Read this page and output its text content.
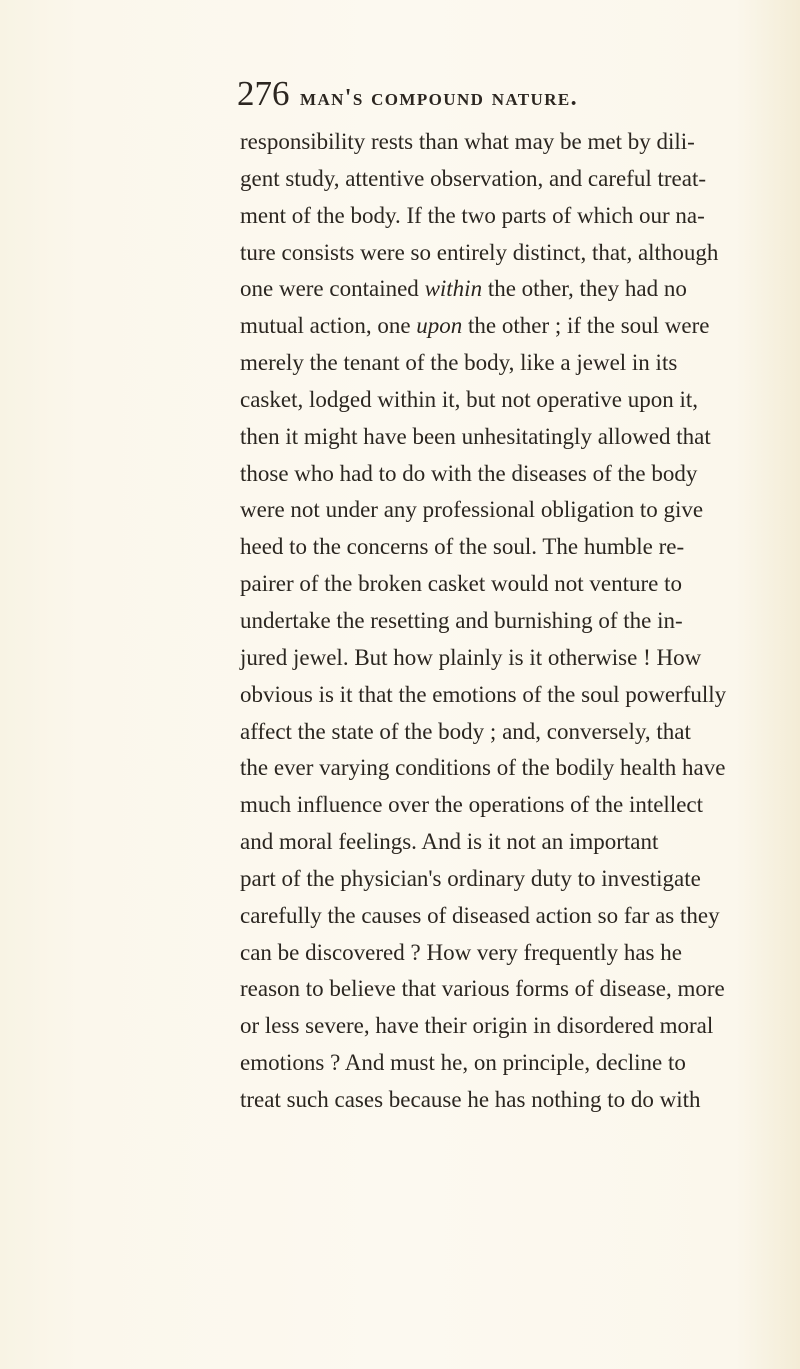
276 man's compound nature.
responsibility rests than what may be met by dili-
gent study, attentive observation, and careful treat-
ment of the body. If the two parts of which our na-
ture consists were so entirely distinct, that, although
one were contained within the other, they had no
mutual action, one upon the other ; if the soul were
merely the tenant of the body, like a jewel in its
casket, lodged within it, but not operative upon it,
then it might have been unhesitatingly allowed that
those who had to do with the diseases of the body
were not under any professional obligation to give
heed to the concerns of the soul. The humble re-
pairer of the broken casket would not venture to
undertake the resetting and burnishing of the in-
jured jewel. But how plainly is it otherwise ! How
obvious is it that the emotions of the soul powerfully
affect the state of the body ; and, conversely, that
the ever varying conditions of the bodily health have
much influence over the operations of the intellect
and moral feelings. And is it not an important
part of the physician's ordinary duty to investigate
carefully the causes of diseased action so far as they
can be discovered ? How very frequently has he
reason to believe that various forms of disease, more
or less severe, have their origin in disordered moral
emotions ? And must he, on principle, decline to
treat such cases because he has nothing to do with
